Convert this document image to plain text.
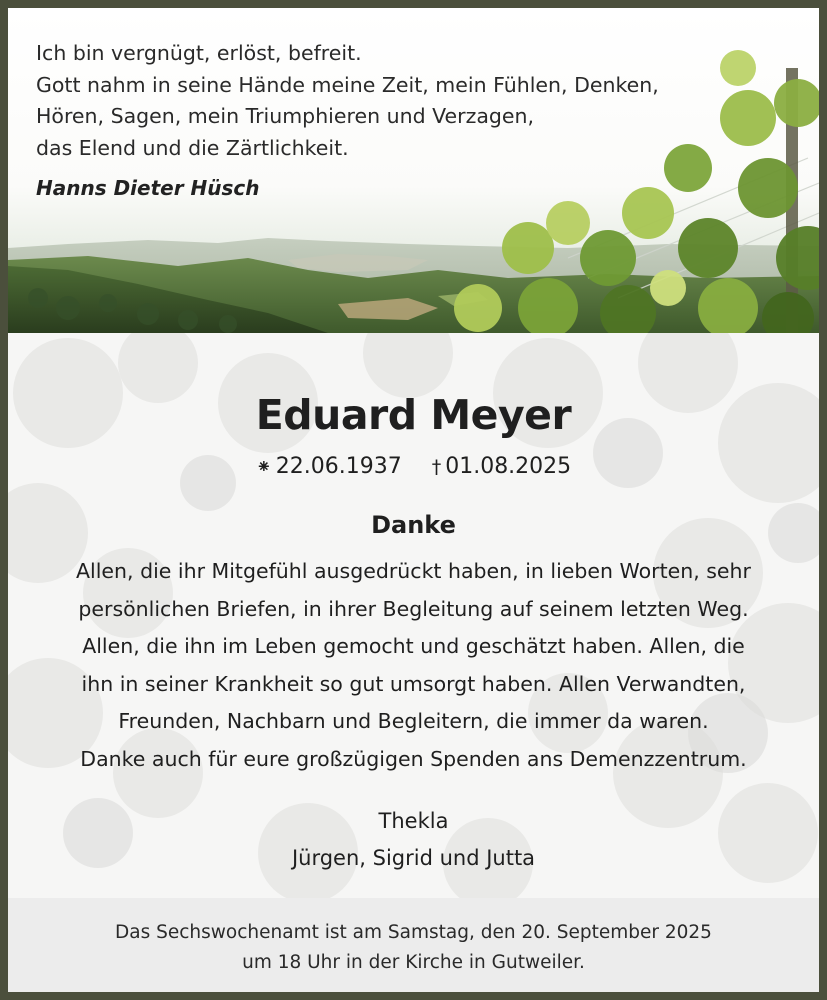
Ich bin vergnügt, erlöst, befreit.
Gott nahm in seine Hände meine Zeit, mein Fühlen, Denken,
Hören, Sagen, mein Triumphieren und Verzagen,
das Elend und die Zärtlichkeit.
Hanns Dieter Hüsch
Eduard Meyer
⁕ 22.06.1937 † 01.08.2025
Danke
Allen, die ihr Mitgefühl ausgedrückt haben, in lieben Worten, sehr
persönlichen Briefen, in ihrer Begleitung auf seinem letzten Weg.
Allen, die ihn im Leben gemocht und geschätzt haben. Allen, die
ihn in seiner Krankheit so gut umsorgt haben. Allen Verwandten,
Freunden, Nachbarn und Begleitern, die immer da waren.
Danke auch für eure großzügigen Spenden ans Demenzzentrum.
Thekla
Jürgen, Sigrid und Jutta
Das Sechswochenamt ist am Samstag, den 20. September 2025
um 18 Uhr in der Kirche in Gutweiler.
